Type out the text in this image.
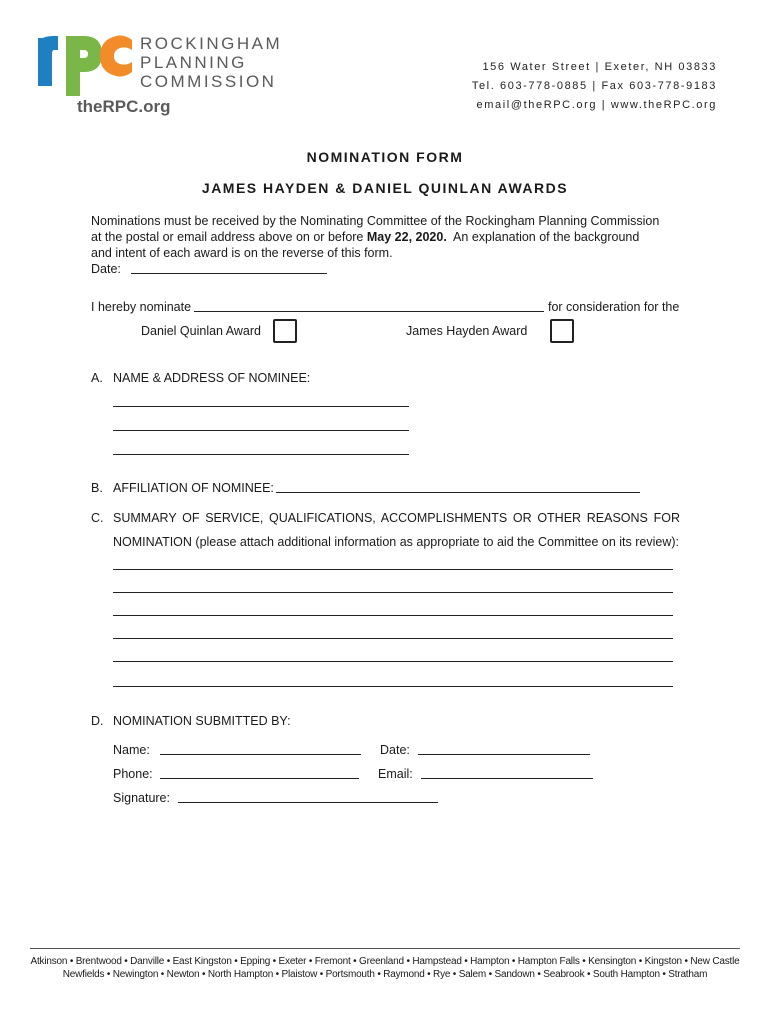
ROCKINGHAM
PLANNING
COMMISSION
theRPC.org
156 Water Street | Exeter, NH 03833
Tel. 603-778-0885 | Fax 603-778-9183
email@theRPC.org | www.theRPC.org
NOMINATION FORM
JAMES HAYDEN & DANIEL QUINLAN AWARDS
Nominations must be received by the Nominating Committee of the Rockingham Planning Commission
at the postal or email address above on or before May 22, 2020.  An explanation of the background
and intent of each award is on the reverse of this form.
Date:
I hereby nominate	for consideration for the
Daniel Quinlan Award	James Hayden Award
A. NAME & ADDRESS OF NOMINEE:
B. AFFILIATION OF NOMINEE:
C. SUMMARY OF SERVICE, QUALIFICATIONS, ACCOMPLISHMENTS OR OTHER REASONS FOR
NOMINATION (please attach additional information as appropriate to aid the Committee on its review):
D. NOMINATION SUBMITTED BY:
Name:	Date:
Phone:	Email:
Signature:
Atkinson • Brentwood • Danville • East Kingston • Epping • Exeter • Fremont • Greenland • Hampstead • Hampton • Hampton Falls • Kensington • Kingston • New Castle
Newfields • Newington • Newton • North Hampton • Plaistow • Portsmouth • Raymond • Rye • Salem • Sandown • Seabrook • South Hampton • Stratham
